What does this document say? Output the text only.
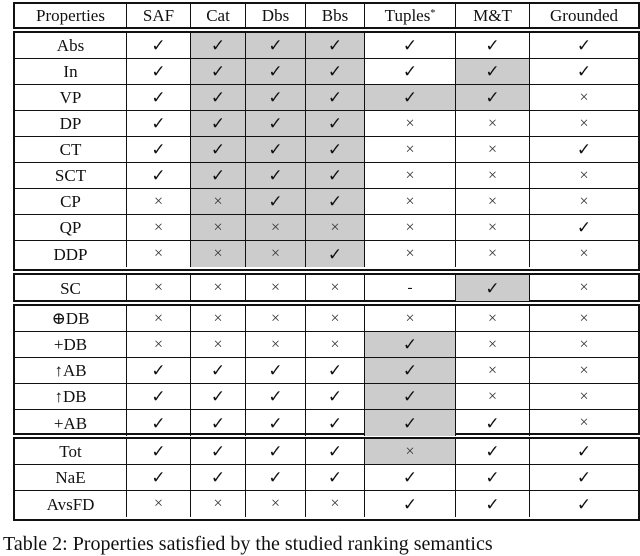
Properties	SAF	Cat	Dbs	Bbs	Tuples*	M&T	Grounded
Abs	✓	✓	✓	✓	✓	✓	✓
In	✓	✓	✓	✓	✓	✓	✓
VP	✓	✓	✓	✓	✓	✓	×
DP	✓	✓	✓	✓	×	×	×
CT	✓	✓	✓	✓	×	×	✓
SCT	✓	✓	✓	✓	×	×	×
CP	×	×	✓	✓	×	×	×
QP	×	×	×	×	×	×	✓
DDP	×	×	×	✓	×	×	×
SC	×	×	×	×	-	✓	×
⊕DB	×	×	×	×	×	×	×
+DB	×	×	×	×	✓	×	×
↑AB	✓	✓	✓	✓	✓	×	×
↑DB	✓	✓	✓	✓	✓	×	×
+AB	✓	✓	✓	✓	✓	✓	×
Tot	✓	✓	✓	✓	×	✓	✓
NaE	✓	✓	✓	✓	✓	✓	✓
AvsFD	×	×	×	×	✓	✓	✓
Table 2: Properties satisfied by the studied ranking semantics
